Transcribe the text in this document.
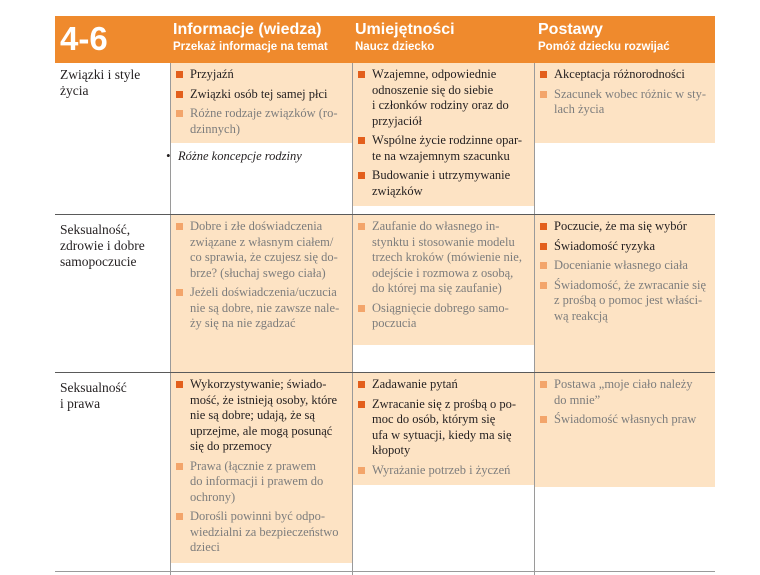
4-6	Informacje (wiedza)
Przekaż informacje na temat
Umiejętności
Naucz dziecko
Postawy
Pomóż dziecku rozwijać
Związki i style
życia
Seksualność,
zdrowie i dobre
samopoczucie
Seksualność
i prawa
Przyjaźń
Związki osób tej samej płci
Różne rodzaje związków (ro-
dzinnych)
• Różne koncepcje rodziny
Wzajemne, odpowiednie
odnoszenie się do siebie
i członków rodziny oraz do
przyjaciół
Wspólne życie rodzinne opar-
te na wzajemnym szacunku
Budowanie i utrzymywanie
związków
Akceptacja różnorodności
Szacunek wobec różnic w sty-
lach życia
Dobre i złe doświadczenia
związane z własnym ciałem/
co sprawia, że czujesz się do-
brze? (słuchaj swego ciała)
Jeżeli doświadczenia/uczucia
nie są dobre, nie zawsze nale-
ży się na nie zgadzać
Zaufanie do własnego in-
stynktu i stosowanie modelu
trzech kroków (mówienie nie,
odejście i rozmowa z osobą,
do której ma się zaufanie)
Osiągnięcie dobrego samo-
poczucia
Poczucie, że ma się wybór
Świadomość ryzyka
Docenianie własnego ciała
Świadomość, że zwracanie się
z prośbą o pomoc jest właści-
wą reakcją
Wykorzystywanie; świado-
mość, że istnieją osoby, które
nie są dobre; udają, że są
uprzejme, ale mogą posunąć
się do przemocy
Prawa (łącznie z prawem
do informacji i prawem do
ochrony)
Dorośli powinni być odpo-
wiedzialni za bezpieczeństwo
dzieci
Zadawanie pytań
Zwracanie się z prośbą o po-
moc do osób, którym się
ufa w sytuacji, kiedy ma się
kłopoty
Wyrażanie potrzeb i życzeń
Postawa „moje ciało należy
do mnie”
Świadomość własnych praw
